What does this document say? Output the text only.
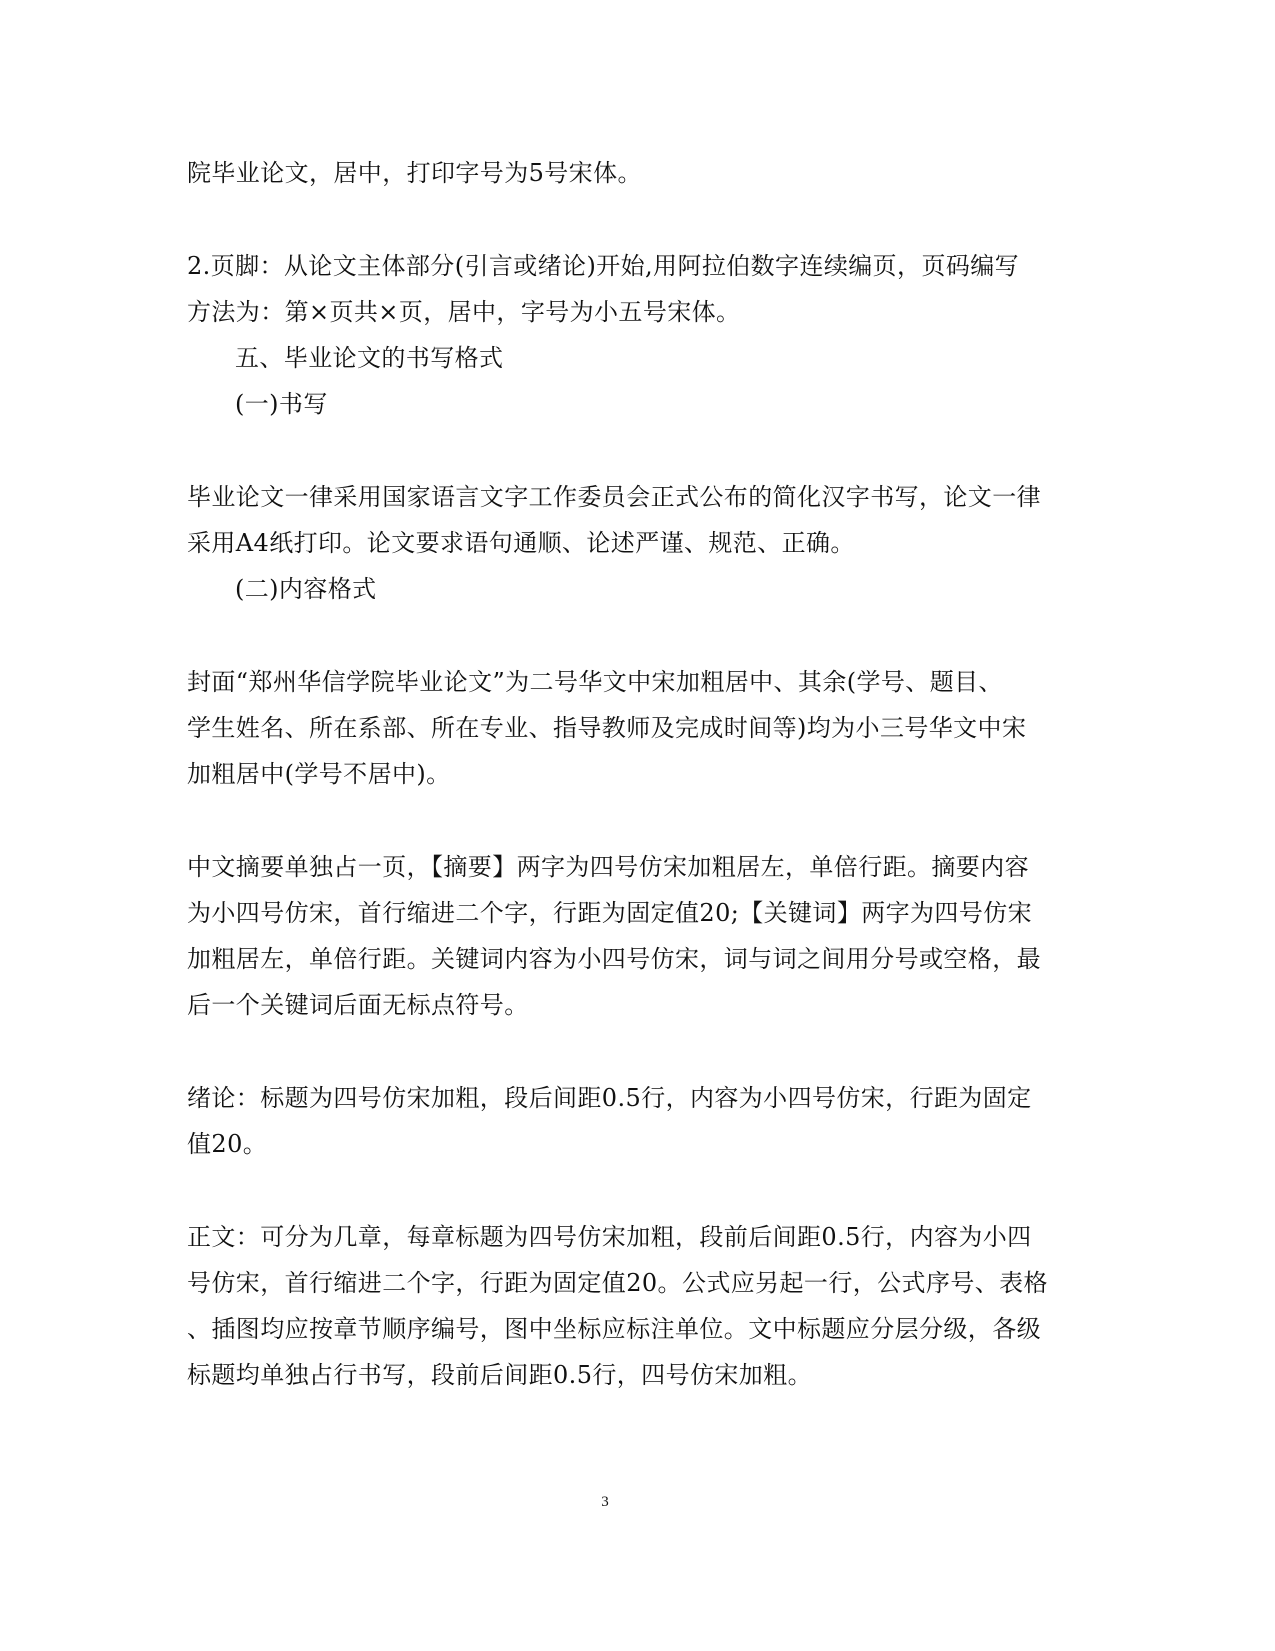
院毕业论文，居中，打印字号为5号宋体。
2.页脚：从论文主体部分(引言或绪论)开始,用阿拉伯数字连续编页，页码编写
方法为：第×页共×页，居中，字号为小五号宋体。
五、毕业论文的书写格式
(一)书写
毕业论文一律采用国家语言文字工作委员会正式公布的简化汉字书写，论文一律
采用A4纸打印。论文要求语句通顺、论述严谨、规范、正确。
(二)内容格式
封面“郑州华信学院毕业论文”为二号华文中宋加粗居中、其余(学号、题目、
学生姓名、所在系部、所在专业、指导教师及完成时间等)均为小三号华文中宋
加粗居中(学号不居中)。
中文摘要单独占一页，【摘要】两字为四号仿宋加粗居左，单倍行距。摘要内容
为小四号仿宋，首行缩进二个字，行距为固定值20;【关键词】两字为四号仿宋
加粗居左，单倍行距。关键词内容为小四号仿宋，词与词之间用分号或空格，最
后一个关键词后面无标点符号。
绪论：标题为四号仿宋加粗，段后间距0.5行，内容为小四号仿宋，行距为固定
值20。
正文：可分为几章，每章标题为四号仿宋加粗，段前后间距0.5行，内容为小四
号仿宋，首行缩进二个字，行距为固定值20。公式应另起一行，公式序号、表格
、插图均应按章节顺序编号，图中坐标应标注单位。文中标题应分层分级，各级
标题均单独占行书写，段前后间距0.5行，四号仿宋加粗。
3
